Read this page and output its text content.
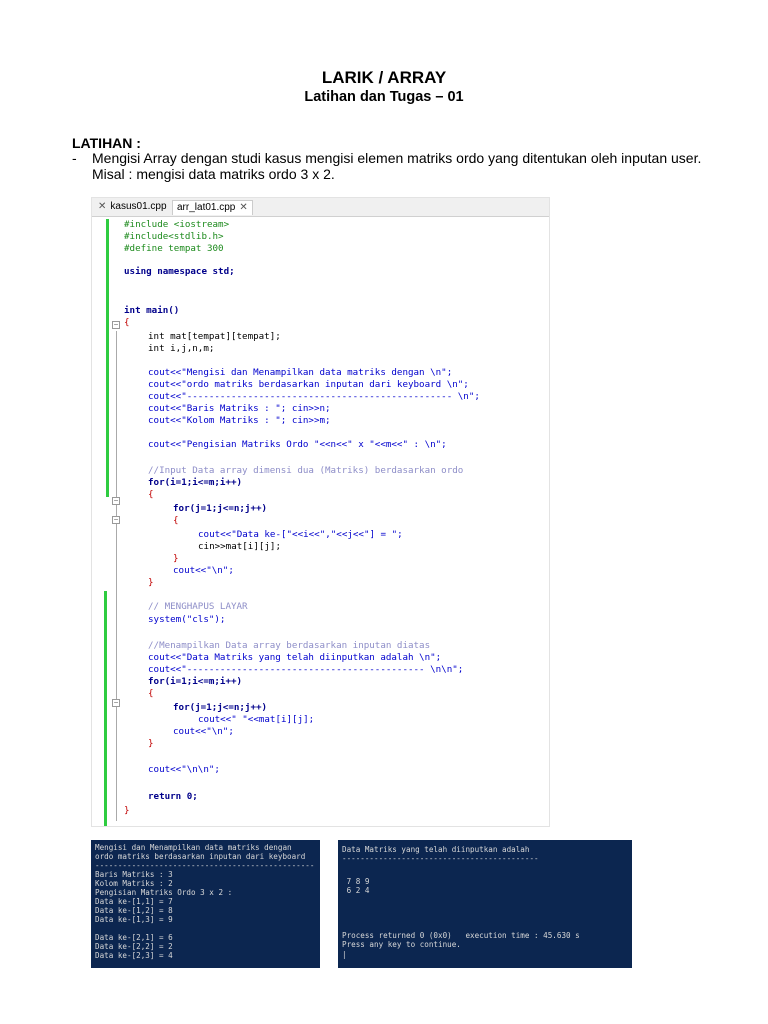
LARIK / ARRAY
Latihan dan Tugas – 01
LATIHAN :
- Mengisi Array dengan studi kasus mengisi elemen matriks ordo yang ditentukan oleh inputan user.
Misal : mengisi data matriks ordo 3 x 2.
✕ kasus01.cpp	arr_lat01.cpp ✕
−
−
−
−
#include <iostream>
#include<stdlib.h>
#define tempat 300
using namespace std;
int main()
{
int mat[tempat][tempat];
int i,j,n,m;
cout<<"Mengisi dan Menampilkan data matriks dengan \n";
cout<<"ordo matriks berdasarkan inputan dari keyboard \n";
cout<<"------------------------------------------------ \n";
cout<<"Baris Matriks : "; cin>>n;
cout<<"Kolom Matriks : "; cin>>m;
cout<<"Pengisian Matriks Ordo "<<n<<" x "<<m<<" : \n";
//Input Data array dimensi dua (Matriks) berdasarkan ordo
for(i=1;i<=m;i++)
{
for(j=1;j<=n;j++)
{
cout<<"Data ke-["<<i<<","<<j<<"] = ";
cin>>mat[i][j];
}
cout<<"\n";
}
// MENGHAPUS LAYAR
system("cls");
//Menampilkan Data array berdasarkan inputan diatas
cout<<"Data Matriks yang telah diinputkan adalah \n";
cout<<"------------------------------------------- \n\n";
for(i=1;i<=m;i++)
{
for(j=1;j<=n;j++)
cout<<" "<<mat[i][j];
cout<<"\n";
}
cout<<"\n\n";
return 0;
}
Mengisi dan Menampilkan data matriks dengan
ordo matriks berdasarkan inputan dari keyboard
------------------------------------------------
Baris Matriks : 3
Kolom Matriks : 2
Pengisian Matriks Ordo 3 x 2 :
Data ke-[1,1] = 7
Data ke-[1,2] = 8
Data ke-[1,3] = 9
Data ke-[2,1] = 6
Data ke-[2,2] = 2
Data ke-[2,3] = 4
Data Matriks yang telah diinputkan adalah
-------------------------------------------
7 8 9
6 2 4
Process returned 0 (0x0)   execution time : 45.630 s
Press any key to continue.
|
